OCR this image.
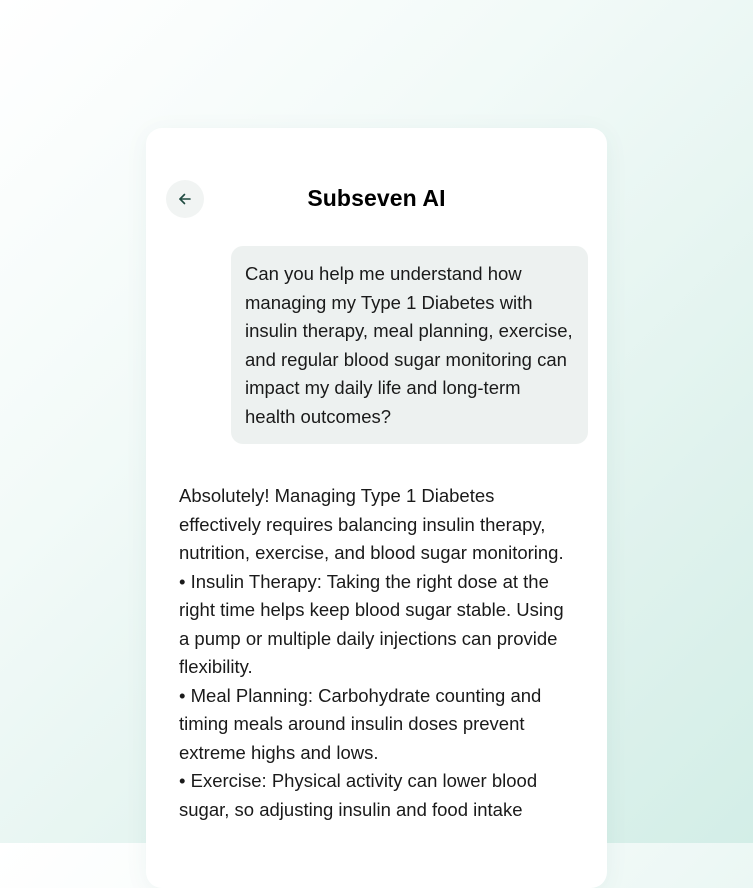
Subseven AI
Can you help me understand how managing my Type 1 Diabetes with insulin therapy, meal planning, exercise, and regular blood sugar monitoring can impact my daily life and long-term health outcomes?

Absolutely! Managing Type 1 Diabetes effectively requires balancing insulin therapy, nutrition, exercise, and blood sugar monitoring.

• Insulin Therapy: Taking the right dose at the right time helps keep blood sugar stable. Using a pump or multiple daily injections can provide flexibility.

• Meal Planning: Carbohydrate counting and timing meals around insulin doses prevent extreme highs and lows.

• Exercise: Physical activity can lower blood sugar, so adjusting insulin and food intake
